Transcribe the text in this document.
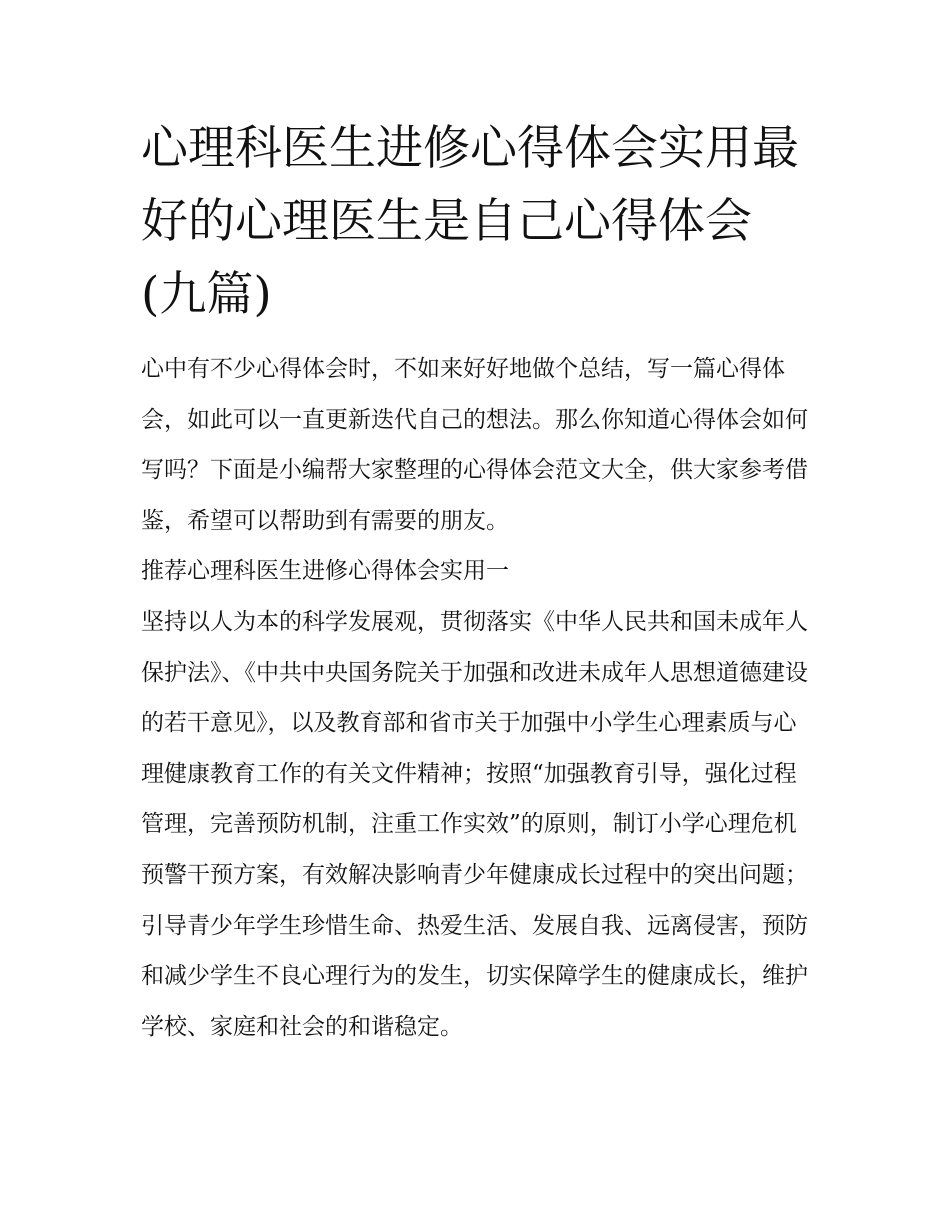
心理科医生进修心得体会实用最好的心理医生是自己心得体会(九篇)

心中有不少心得体会时，不如来好好地做个总结，写一篇心得体会，如此可以一直更新迭代自己的想法。那么你知道心得体会如何写吗？下面是小编帮大家整理的心得体会范文大全，供大家参考借鉴，希望可以帮助到有需要的朋友。

推荐心理科医生进修心得体会实用一

坚持以人为本的科学发展观，贯彻落实《中华人民共和国未成年人保护法》、《中共中央国务院关于加强和改进未成年人思想道德建设的若干意见》，以及教育部和省市关于加强中小学生心理素质与心理健康教育工作的有关文件精神；按照“加强教育引导，强化过程管理，完善预防机制，注重工作实效”的原则，制订小学心理危机预警干预方案，有效解决影响青少年健康成长过程中的突出问题；引导青少年学生珍惜生命、热爱生活、发展自我、远离侵害，预防和减少学生不良心理行为的发生，切实保障学生的健康成长，维护学校、家庭和社会的和谐稳定。
